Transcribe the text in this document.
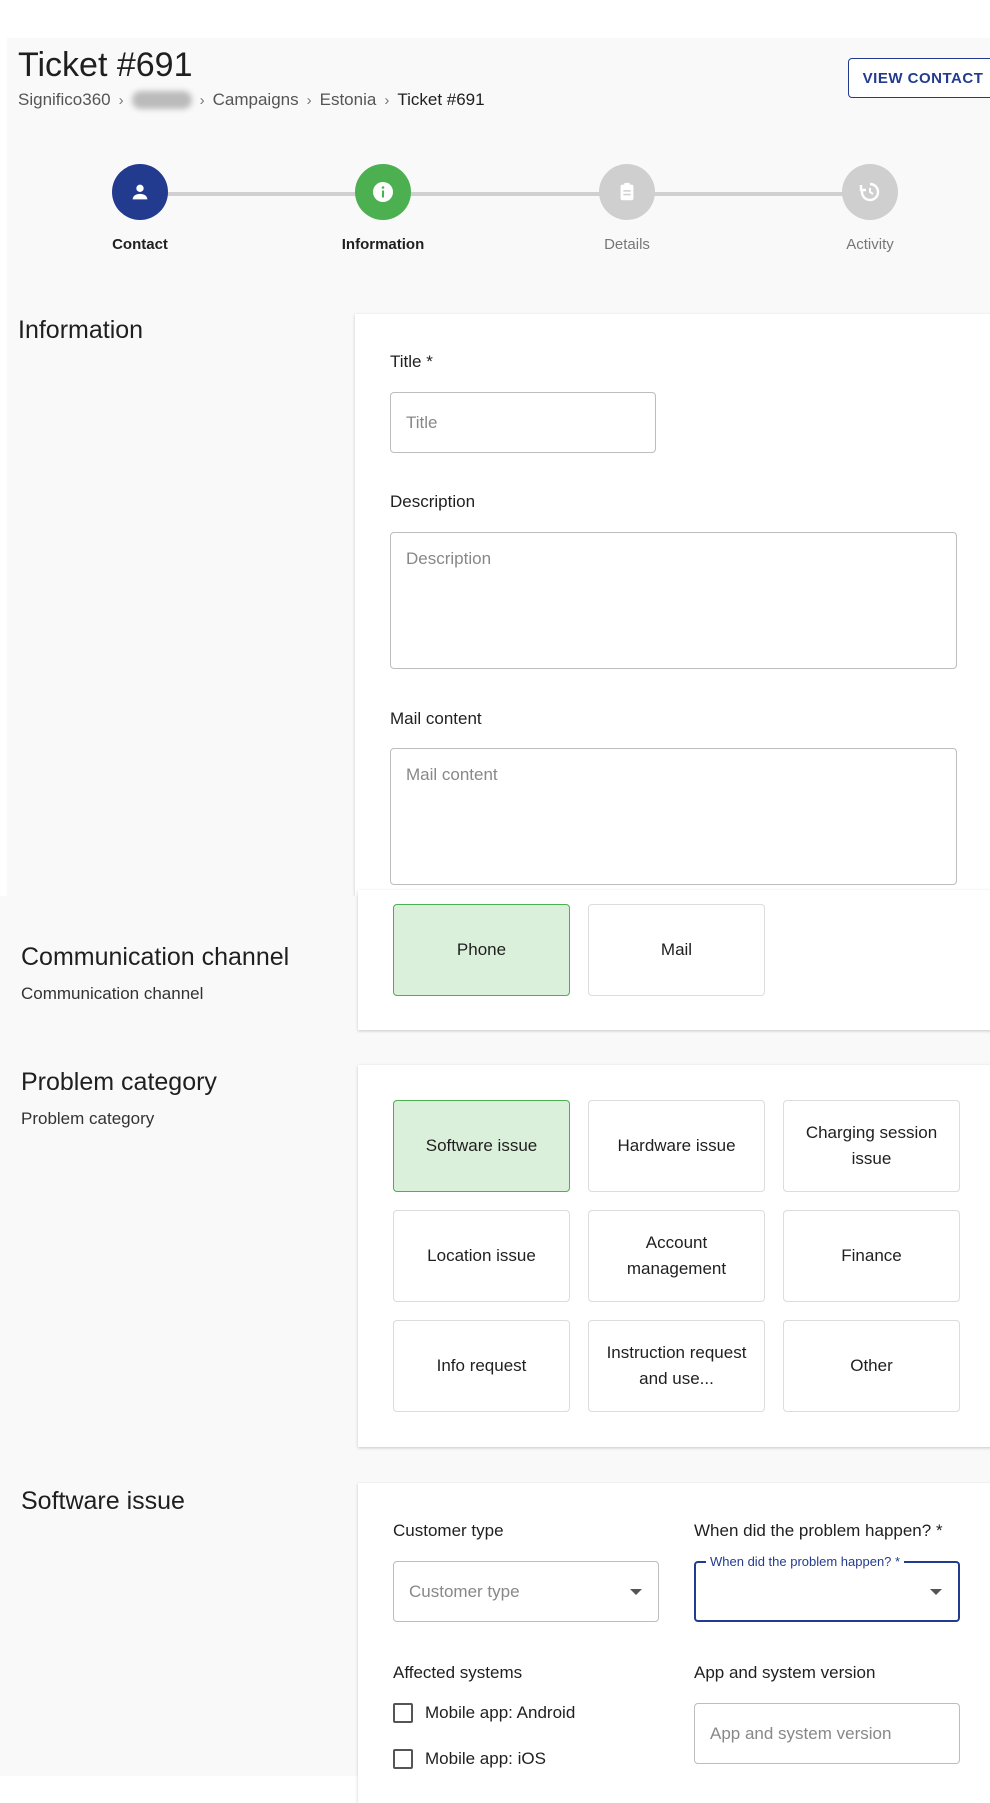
Ticket #691
Significo360 ›	› Campaigns › Estonia › Ticket #691
VIEW CONTACT
Contact	Information	Details	Activity
Information
Title *
Title
Description
Description
Mail content
Mail content
Communication channel
Communication channel
Phone	Mail
Problem category
Problem category
Software issue	Hardware issue
Charging session issue
Location issue
Account management
Finance
Info request
Instruction request and use...
Other
Software issue
Customer type
Customer type
When did the problem happen? *
When did the problem happen? *
Affected systems
Mobile app: Android
Mobile app: iOS
App and system version
App and system version
